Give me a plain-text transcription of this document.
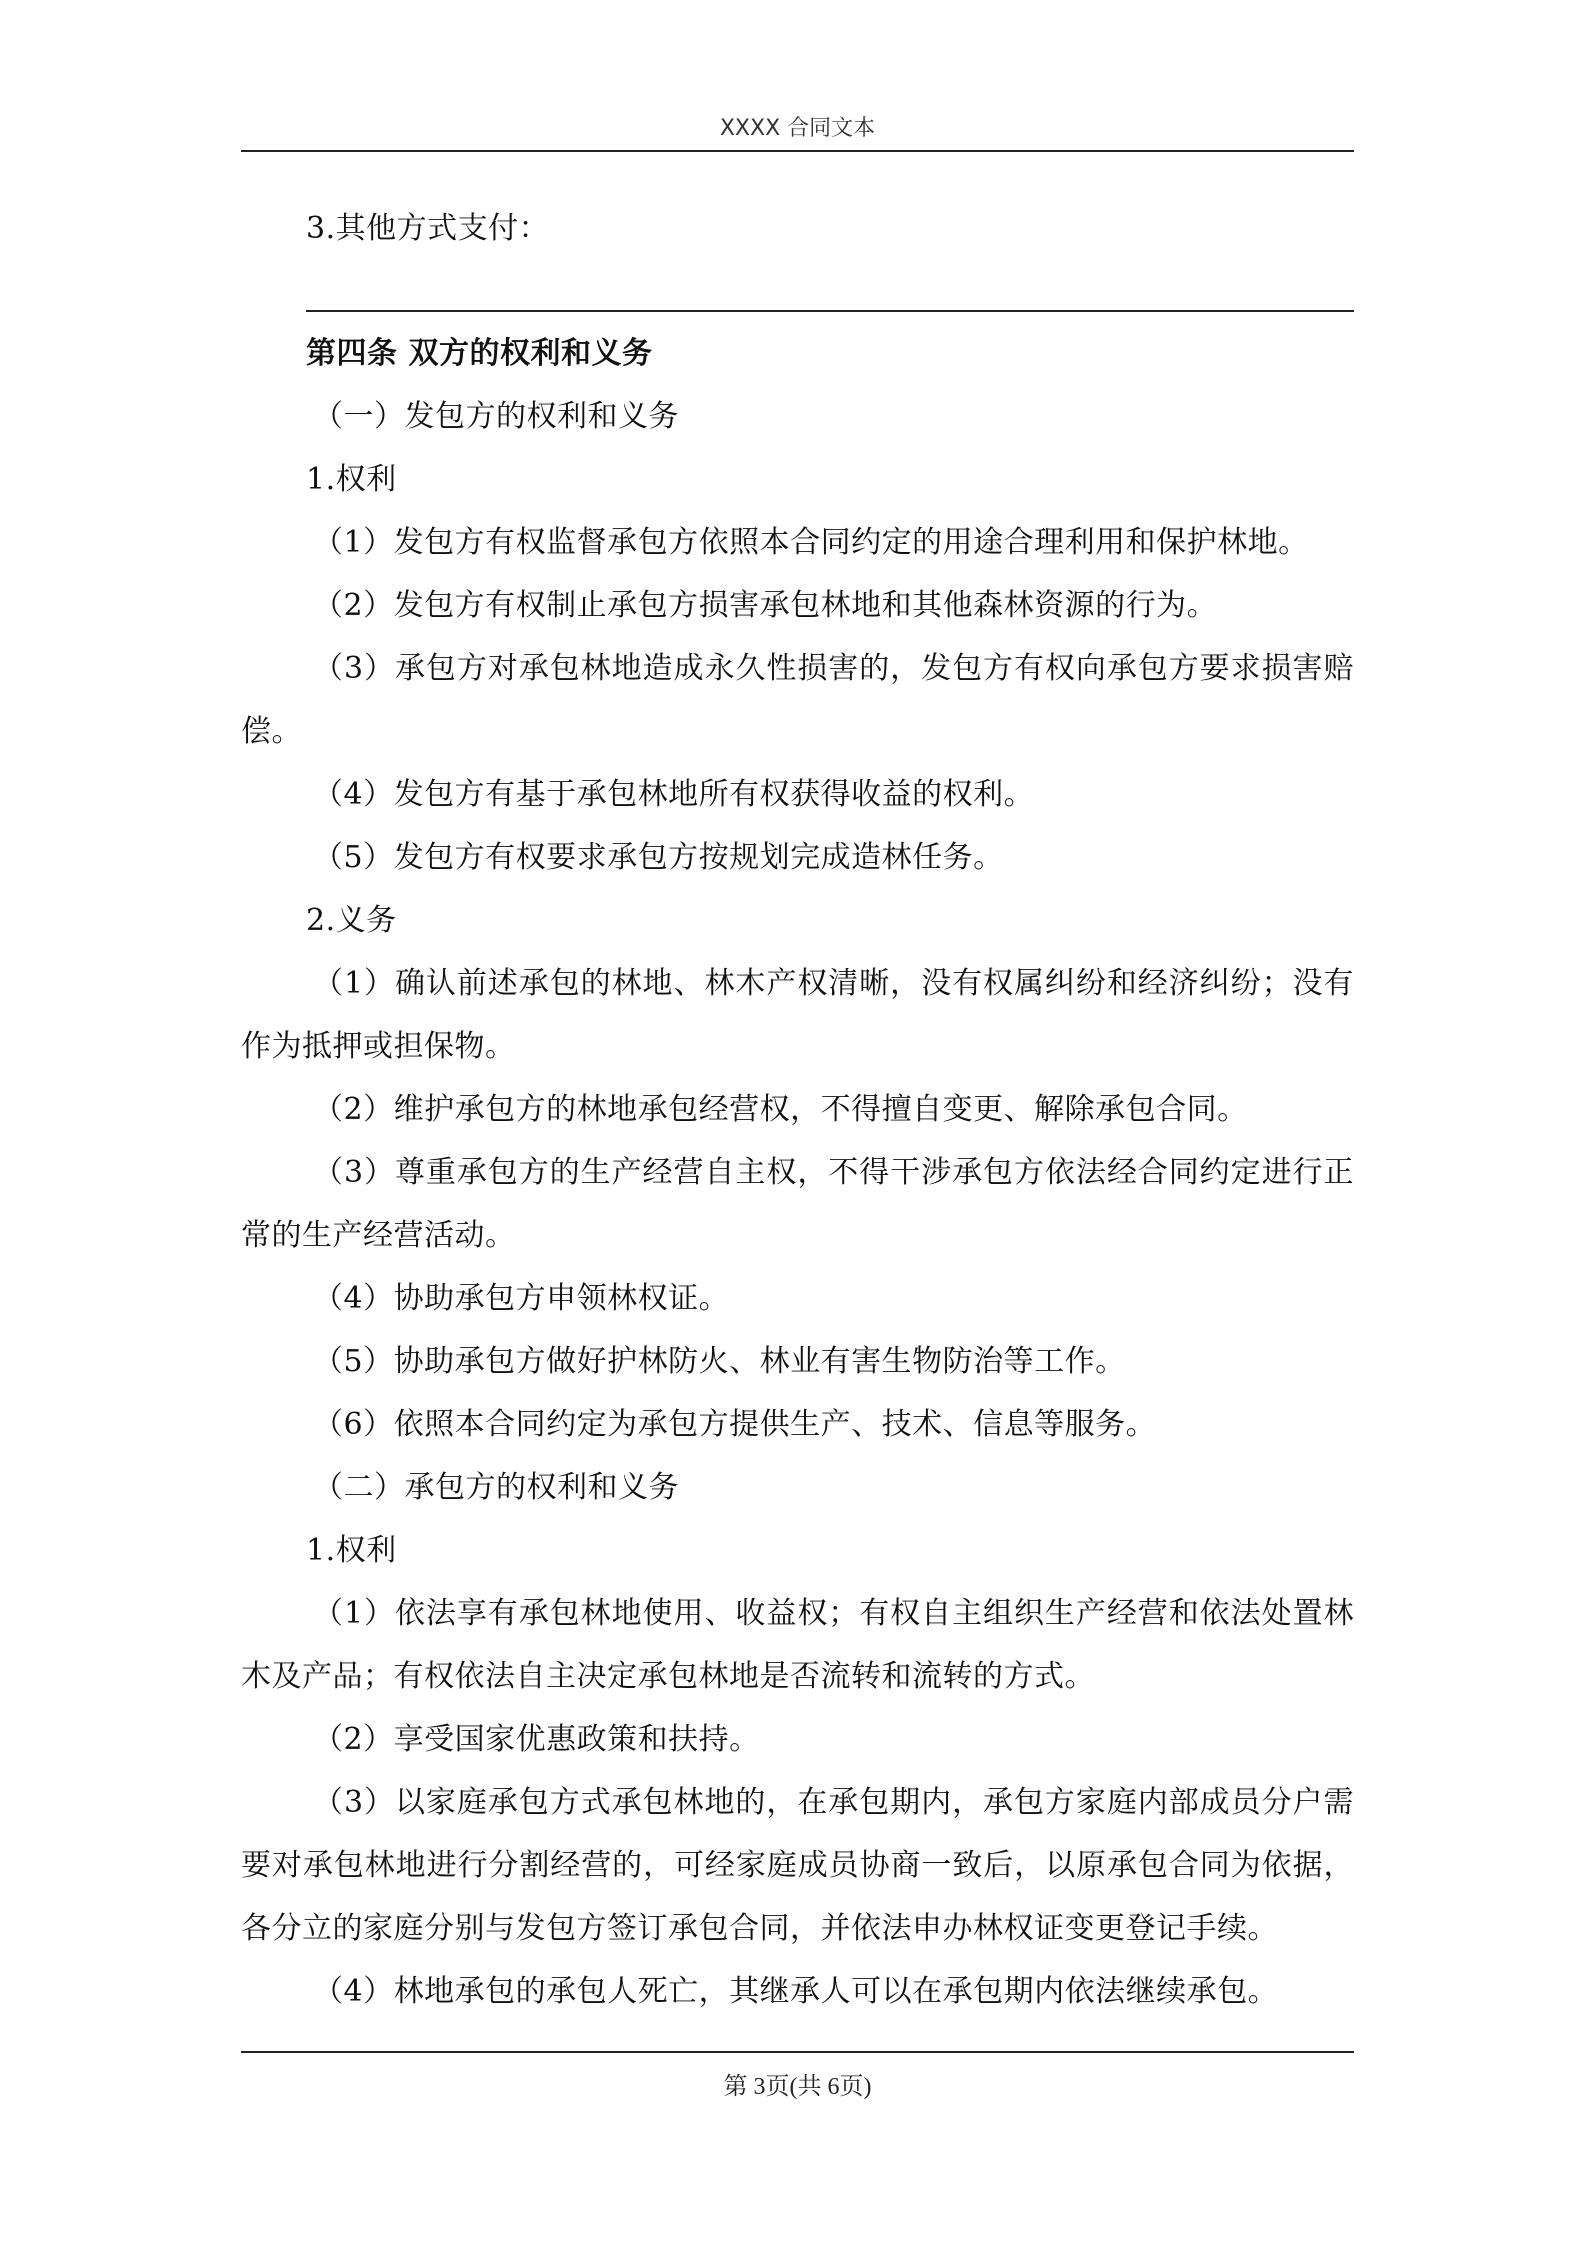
XXXX 合同文本
3.其他方式支付：
第四条 双方的权利和义务
（一）发包方的权利和义务
1.权利
（1）发包方有权监督承包方依照本合同约定的用途合理利用和保护林地。
（2）发包方有权制止承包方损害承包林地和其他森林资源的行为。
（3）承包方对承包林地造成永久性损害的，发包方有权向承包方要求损害赔偿。
（4）发包方有基于承包林地所有权获得收益的权利。
（5）发包方有权要求承包方按规划完成造林任务。
2.义务
（1）确认前述承包的林地、林木产权清晰，没有权属纠纷和经济纠纷；没有作为抵押或担保物。
（2）维护承包方的林地承包经营权，不得擅自变更、解除承包合同。
（3）尊重承包方的生产经营自主权，不得干涉承包方依法经合同约定进行正常的生产经营活动。
（4）协助承包方申领林权证。
（5）协助承包方做好护林防火、林业有害生物防治等工作。
（6）依照本合同约定为承包方提供生产、技术、信息等服务。
（二）承包方的权利和义务
1.权利
（1）依法享有承包林地使用、收益权；有权自主组织生产经营和依法处置林木及产品；有权依法自主决定承包林地是否流转和流转的方式。
（2）享受国家优惠政策和扶持。
（3）以家庭承包方式承包林地的，在承包期内，承包方家庭内部成员分户需要对承包林地进行分割经营的，可经家庭成员协商一致后，以原承包合同为依据，各分立的家庭分别与发包方签订承包合同，并依法申办林权证变更登记手续。
（4）林地承包的承包人死亡，其继承人可以在承包期内依法继续承包。
第 3页(共 6页)
